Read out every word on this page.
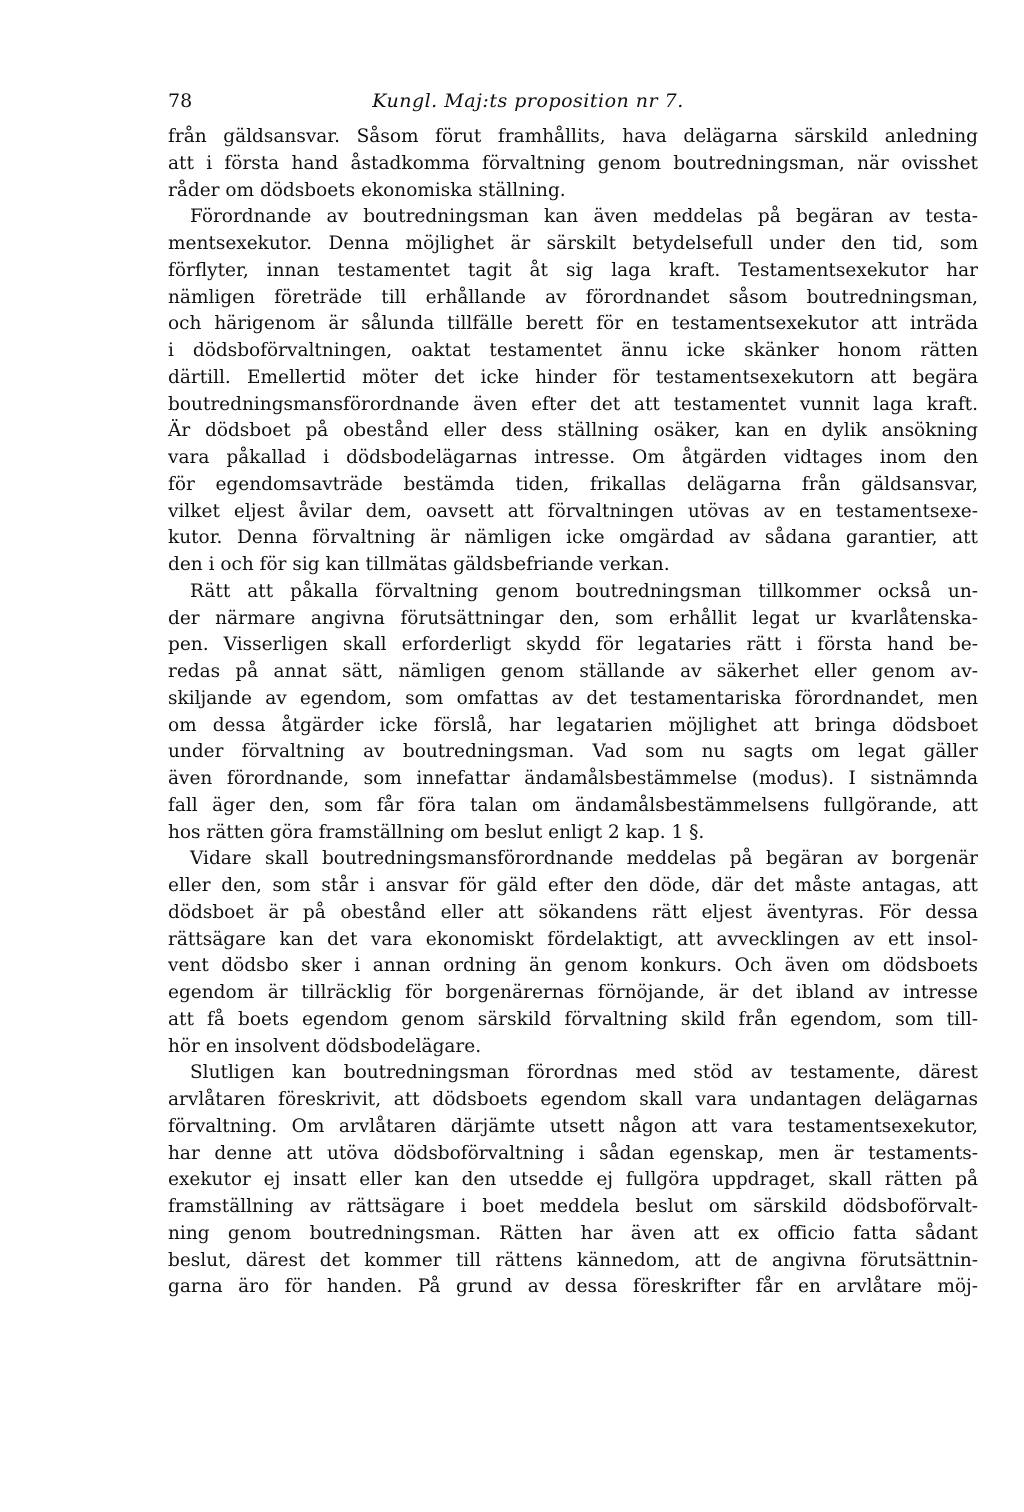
78	Kungl. Maj:ts proposition nr 7.
från gäldsansvar. Såsom förut framhållits, hava delägarna särskild anledning
att i första hand åstadkomma förvaltning genom boutredningsman, när ovisshet
råder om dödsboets ekonomiska ställning.
Förordnande av boutredningsman kan även meddelas på begäran av testa-
mentsexekutor. Denna möjlighet är särskilt betydelsefull under den tid, som
förflyter, innan testamentet tagit åt sig laga kraft. Testamentsexekutor har
nämligen företräde till erhållande av förordnandet såsom boutredningsman,
och härigenom är sålunda tillfälle berett för en testamentsexekutor att inträda
i dödsboförvaltningen, oaktat testamentet ännu icke skänker honom rätten
därtill. Emellertid möter det icke hinder för testamentsexekutorn att begära
boutredningsmansförordnande även efter det att testamentet vunnit laga kraft.
Är dödsboet på obestånd eller dess ställning osäker, kan en dylik ansökning
vara påkallad i dödsbodelägarnas intresse. Om åtgärden vidtages inom den
för egendomsavträde bestämda tiden, frikallas delägarna från gäldsansvar,
vilket eljest åvilar dem, oavsett att förvaltningen utövas av en testamentsexe-
kutor. Denna förvaltning är nämligen icke omgärdad av sådana garantier, att
den i och för sig kan tillmätas gäldsbefriande verkan.
Rätt att påkalla förvaltning genom boutredningsman tillkommer också un-
der närmare angivna förutsättningar den, som erhållit legat ur kvarlåtenska-
pen. Visserligen skall erforderligt skydd för legataries rätt i första hand be-
redas på annat sätt, nämligen genom ställande av säkerhet eller genom av-
skiljande av egendom, som omfattas av det testamentariska förordnandet, men
om dessa åtgärder icke förslå, har legatarien möjlighet att bringa dödsboet
under förvaltning av boutredningsman. Vad som nu sagts om legat gäller
även förordnande, som innefattar ändamålsbestämmelse (modus). I sistnämnda
fall äger den, som får föra talan om ändamålsbestämmelsens fullgörande, att
hos rätten göra framställning om beslut enligt 2 kap. 1 §.
Vidare skall boutredningsmansförordnande meddelas på begäran av borgenär
eller den, som står i ansvar för gäld efter den döde, där det måste antagas, att
dödsboet är på obestånd eller att sökandens rätt eljest äventyras. För dessa
rättsägare kan det vara ekonomiskt fördelaktigt, att avvecklingen av ett insol-
vent dödsbo sker i annan ordning än genom konkurs. Och även om dödsboets
egendom är tillräcklig för borgenärernas förnöjande, är det ibland av intresse
att få boets egendom genom särskild förvaltning skild från egendom, som till-
hör en insolvent dödsbodelägare.
Slutligen kan boutredningsman förordnas med stöd av testamente, därest
arvlåtaren föreskrivit, att dödsboets egendom skall vara undantagen delägarnas
förvaltning. Om arvlåtaren därjämte utsett någon att vara testamentsexekutor,
har denne att utöva dödsboförvaltning i sådan egenskap, men är testaments-
exekutor ej insatt eller kan den utsedde ej fullgöra uppdraget, skall rätten på
framställning av rättsägare i boet meddela beslut om särskild dödsboförvalt-
ning genom boutredningsman. Rätten har även att ex officio fatta sådant
beslut, därest det kommer till rättens kännedom, att de angivna förutsättnin-
garna äro för handen. På grund av dessa föreskrifter får en arvlåtare möj-
